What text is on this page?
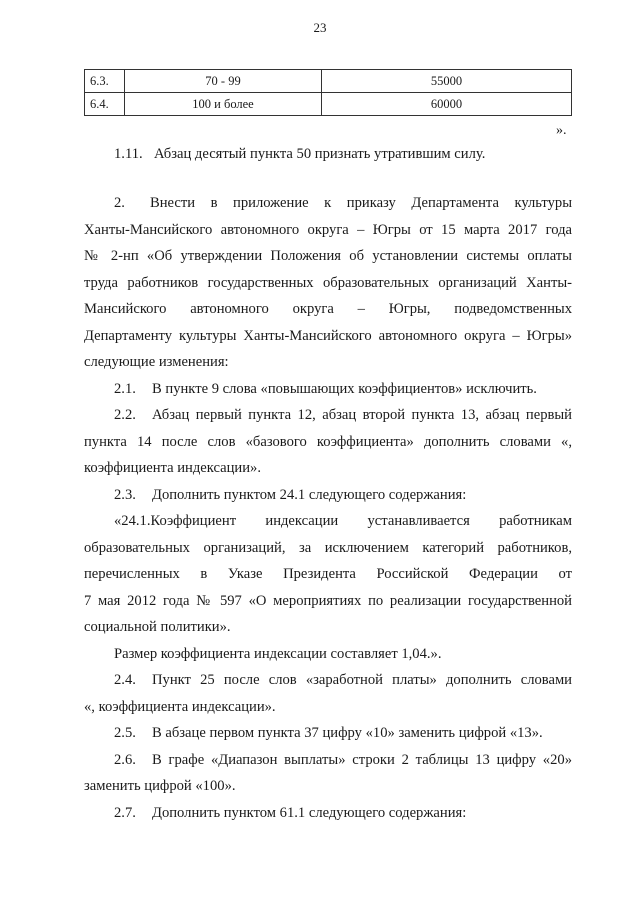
23
6.3.	70 - 99	55000
6.4.	100 и более	60000
».
1.11. Абзац десятый пункта 50 признать утратившим силу.
2.	Внести в приложение к приказу Департамента культуры
Ханты-Мансийского автономного округа – Югры от 15 марта 2017 года
№ 2-нп «Об утверждении Положения об установлении системы оплаты
труда работников государственных образовательных организаций Ханты-
Мансийского автономного округа – Югры, подведомственных
Департаменту культуры Ханты-Мансийского автономного округа – Югры»
следующие изменения:
2.1.	В пункте 9 слова «повышающих коэффициентов» исключить.
2.2.	Абзац первый пункта 12, абзац второй пункта 13, абзац первый
пункта 14 после слов «базового коэффициента» дополнить словами «,
коэффициента индексации».
2.3.	Дополнить пунктом 24.1 следующего содержания:
«24.1.Коэффициент индексации устанавливается работникам
образовательных организаций, за исключением категорий работников,
перечисленных в Указе Президента Российской Федерации от
7 мая 2012 года № 597 «О мероприятиях по реализации государственной
социальной политики».
Размер коэффициента индексации составляет 1,04.».
2.4.	Пункт 25 после слов «заработной платы» дополнить словами
«, коэффициента индексации».
2.5.	В абзаце первом пункта 37 цифру «10» заменить цифрой «13».
2.6.	В графе «Диапазон выплаты» строки 2 таблицы 13 цифру «20»
заменить цифрой «100».
2.7.	Дополнить пунктом 61.1 следующего содержания:
